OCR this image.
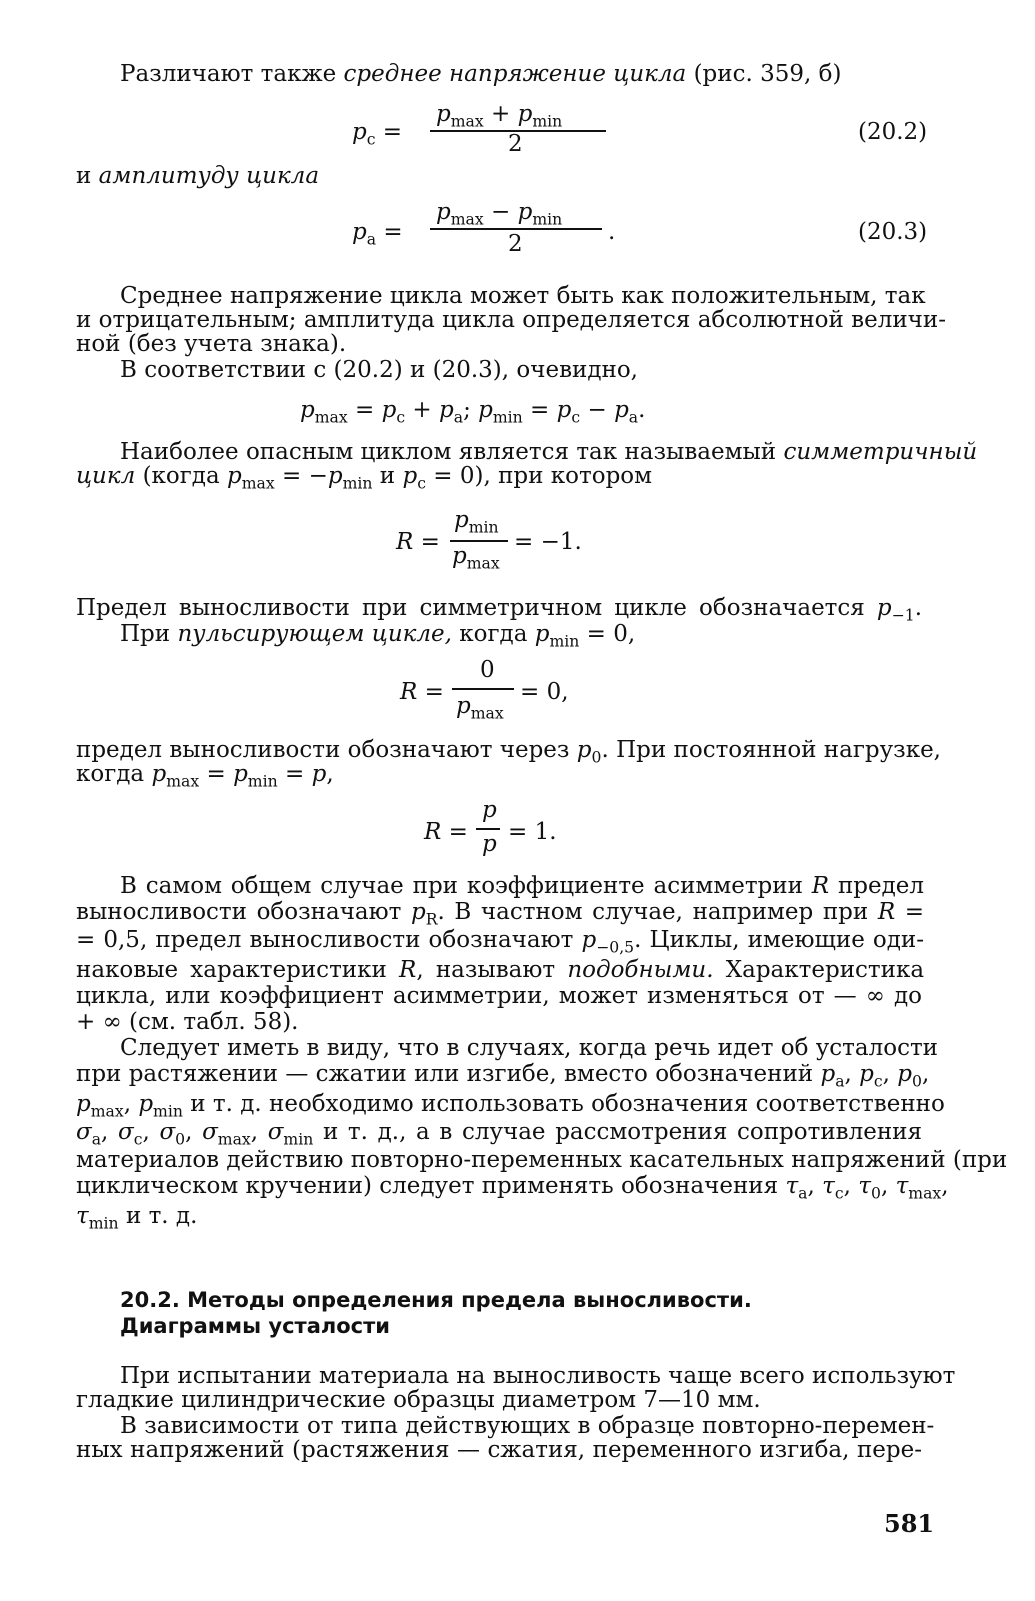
Различают также среднее напряжение цикла (рис. 359, б)
$p_c$ =
$p_{max} + p_{min}$
2	(20.2)
и амплитуду цикла
$p_a$ =
$p_{max} - p_{min}$
2	.	(20.3)
Среднее напряжение цикла может быть как положительным, так
и отрицательным; амплитуда цикла определяется абсолютной величи-
ной (без учета знака).
В соответствии с (20.2) и (20.3), очевидно,
$p_{max} = p_c + p_a$; $p_{min} = p_c - p_a$.
Наиболее опасным циклом является так называемый симметричный
цикл (когда $p_{max} = -p_{min}$ и $p_c = 0$), при котором
R =
$p_{min}$
$p_{max}$
= −1.
Предел выносливости при симметричном цикле обозначается $p_{-1}$.
При пульсирующем цикле, когда $p_{min} = 0$,
R =
0
$p_{max}$
= 0,
предел выносливости обозначают через $p_0$. При постоянной нагрузке,
когда $p_{max} = p_{min} = p$,
R =
p
p = 1.
В самом общем случае при коэффициенте асимметрии R предел
выносливости обозначают $p_R$. В частном случае, например при R =
= 0,5, предел выносливости обозначают $p_{-0,5}$. Циклы, имеющие оди-
наковые характеристики R, называют подобными. Характеристика
цикла, или коэффициент асимметрии, может изменяться от — ∞ до
+ ∞ (см. табл. 58).
Следует иметь в виду, что в случаях, когда речь идет об усталости
при растяжении — сжатии или изгибе, вместо обозначений $p_a$, $p_c$, $p_0$,
$p_{max}$, $p_{min}$ и т. д. необходимо использовать обозначения соответственно
$\sigma_a$, $\sigma_c$, $\sigma_0$, $\sigma_{max}$, $\sigma_{min}$ и т. д., а в случае рассмотрения сопротивления
материалов действию повторно-переменных касательных напряжений (при
циклическом кручении) следует применять обозначения $\tau_a$, $\tau_c$, $\tau_0$, $\tau_{max}$,
$\tau_{min}$ и т. д.
20.2. Методы определения предела выносливости.
Диаграммы усталости
При испытании материала на выносливость чаще всего используют
гладкие цилиндрические образцы диаметром 7—10 мм.
В зависимости от типа действующих в образце повторно-перемен-
ных напряжений (растяжения — сжатия, переменного изгиба, пере-
581
